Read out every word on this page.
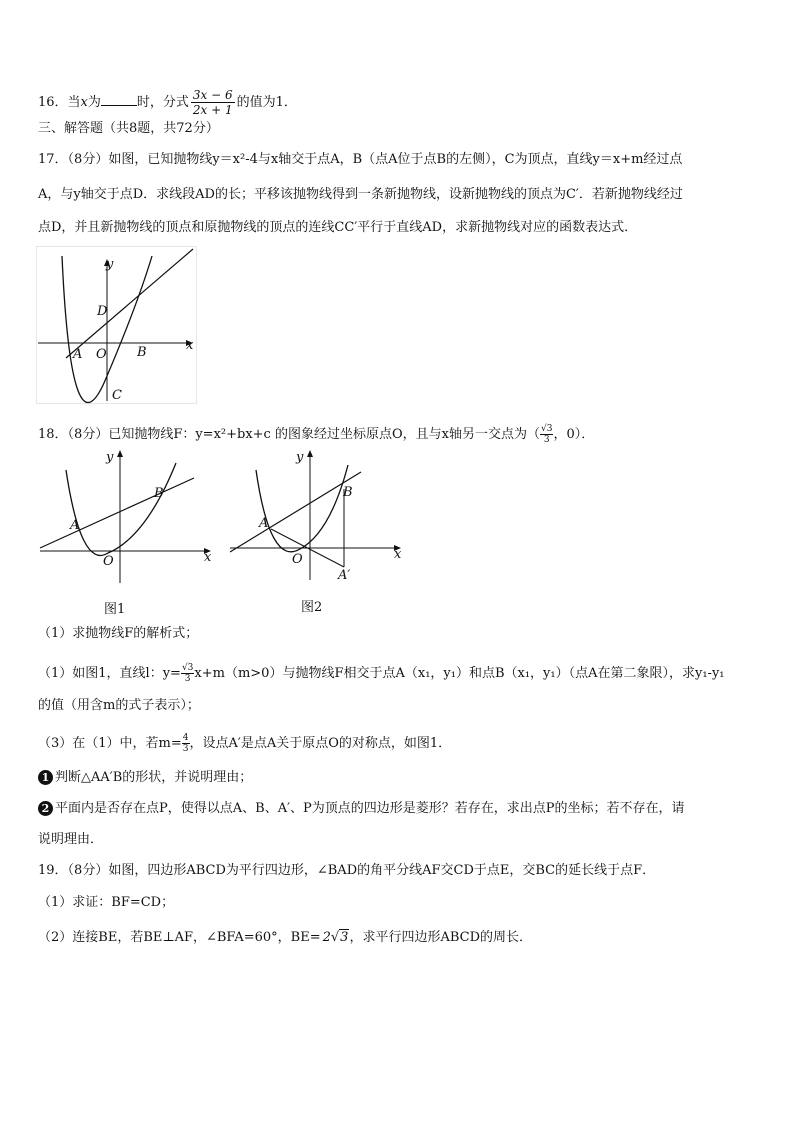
16．当x为	时，分式 $\frac{3x - 6}{2x + 1}$ 的值为1．
三、解答题（共8题，共72分）
17．（8分）如图，已知抛物线y＝x²-4与x轴交于点A，B（点A位于点B的左侧），C为顶点，直线y＝x+m经过点
A，与y轴交于点D．求线段AD的长；平移该抛物线得到一条新抛物线，设新抛物线的顶点为C′．若新抛物线经过
点D，并且新抛物线的顶点和原抛物线的顶点的连线CC′平行于直线AD，求新抛物线对应的函数表达式．
y
x
D
A O B
C
18．（8分）已知抛物线F：y=x²+bx+c 的图象经过坐标原点O，且与x轴另一交点为（ $\frac{√3}{3}$ ，0）．
y
x
A
B
O
图1
y
x
A
B
O
A′
图2
（1）求抛物线F的解析式；
（1）如图1，直线l：$y= \frac{√3}{3} x+m(m>0)$与抛物线F相交于点A（x₁，y₁）和点B（x₁，y₁）（点A在第二象限），求y₁-y₁
的值（用含m的式子表示）；
（3）在（1）中，若$m= \frac{4}{3}$ ，设点A′是点A关于原点O的对称点，如图1．
1 判断△AA′B的形状，并说明理由；
2 平面内是否存在点P，使得以点A、B、A′、P为顶点的四边形是菱形？若存在，求出点P的坐标；若不存在，请
说明理由．
19．（8分）如图，四边形ABCD为平行四边形，∠BAD的角平分线AF交CD于点E，交BC的延长线于点F．
（1）求证：BF=CD；
（2）连接BE，若BE⊥AF，∠BFA=60°，BE= 2√3，求平行四边形ABCD的周长．
